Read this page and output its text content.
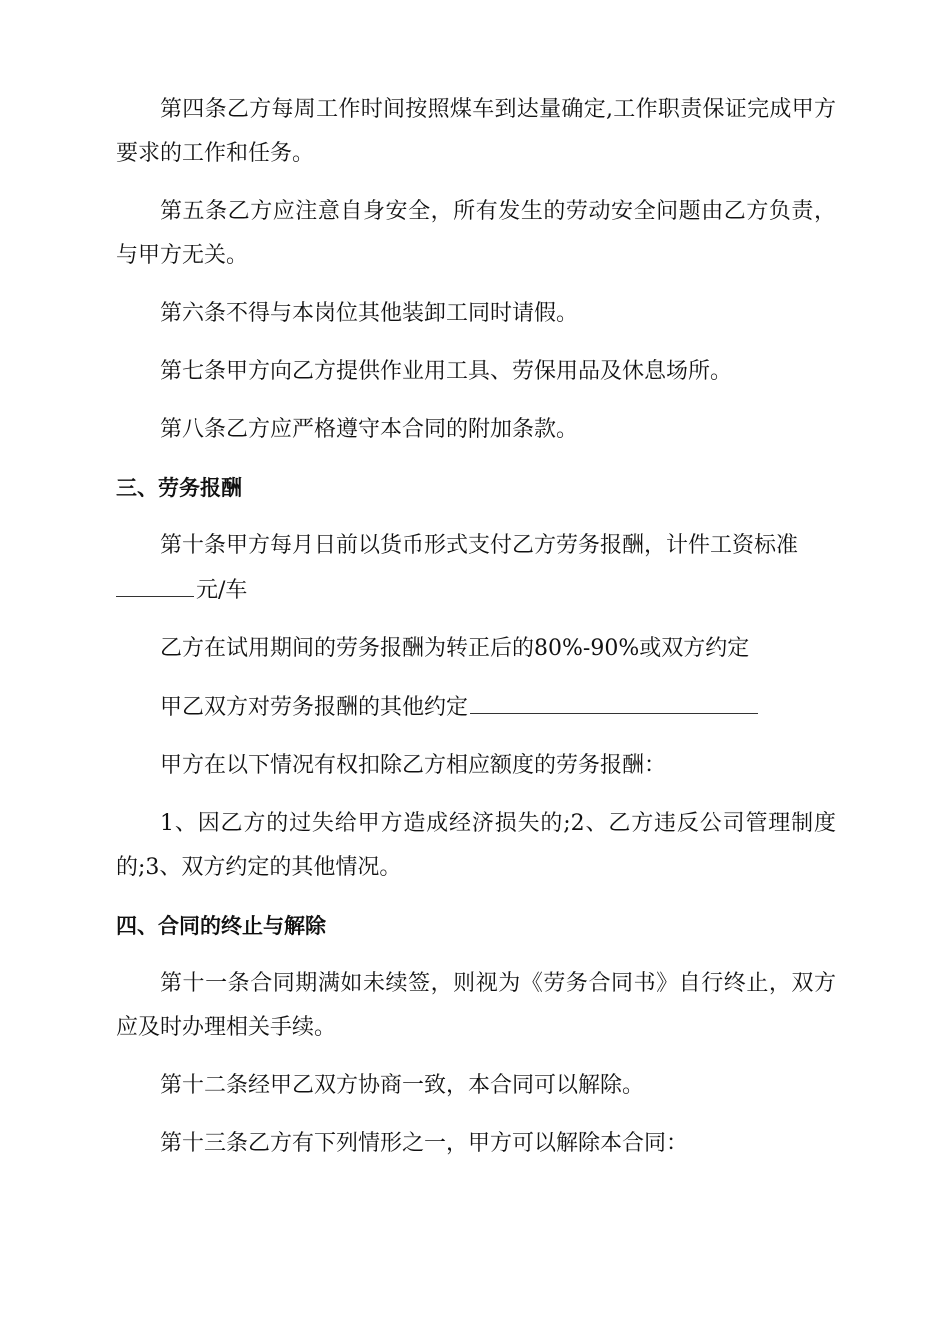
第四条乙方每周工作时间按照煤车到达量确定,工作职责保证完成甲方要求的工作和任务。

第五条乙方应注意自身安全，所有发生的劳动安全问题由乙方负责，与甲方无关。

第六条不得与本岗位其他装卸工同时请假。

第七条甲方向乙方提供作业用工具、劳保用品及休息场所。

第八条乙方应严格遵守本合同的附加条款。

三、劳务报酬

第十条甲方每月日前以货币形式支付乙方劳务报酬，计件工资标准
元/车

乙方在试用期间的劳务报酬为转正后的80%-90%或双方约定

甲乙双方对劳务报酬的其他约定

甲方在以下情况有权扣除乙方相应额度的劳务报酬：

1、因乙方的过失给甲方造成经济损失的;2、乙方违反公司管理制度的;3、双方约定的其他情况。

四、合同的终止与解除

第十一条合同期满如未续签，则视为《劳务合同书》自行终止，双方应及时办理相关手续。

第十二条经甲乙双方协商一致，本合同可以解除。

第十三条乙方有下列情形之一，甲方可以解除本合同：
